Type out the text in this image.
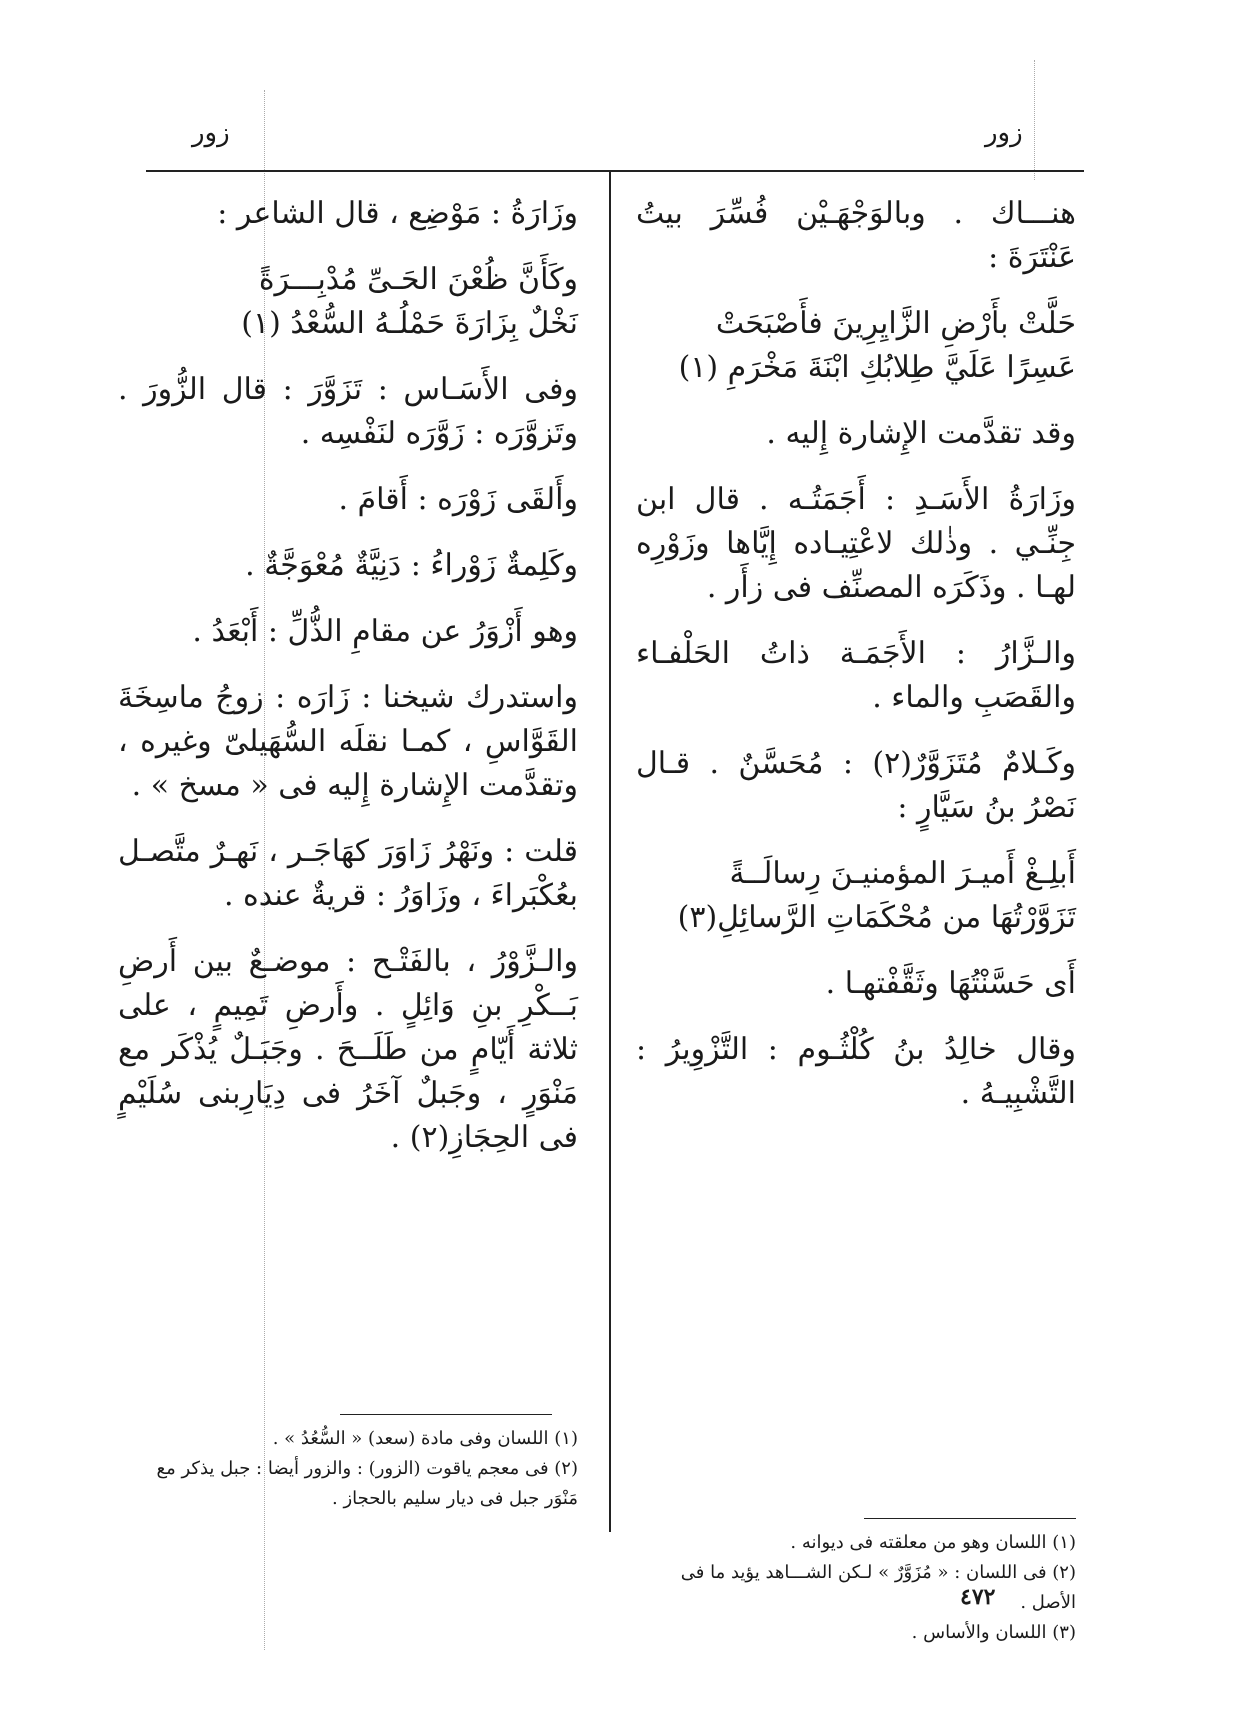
زور
زور

هنـــاك . وبالوَجْهَـيْن فُسِّرَ بيتُ عَنْتَرَةَ :

حَلَّتْ بأَرْضِ الزَّايِرِينَ فأَصْبَحَتْ

عَسِرًا عَلَيَّ طِلابُكِ ابْنَةَ مَخْرَمِ (١)

وقد تقدَّمت الإِشارة إِليه .

وزَارَةُ الأَسَـدِ : أَجَمَتُـه . قال ابن جِنِّـي . وذٰلك لاعْتِيـاده إِيَّاها وزَوْرِه لهـا . وذَكَرَه المصنِّف فى زأَر .

والـزَّارُ : الأَجَمَـة ذاتُ الحَلْفـاء والقَصَبِ والماء .

وكَـلامٌ مُتَزَوَّرٌ(٢) : مُحَسَّنٌ . قـال نَصْرُ بنُ سَيَّارٍ :

أَبلِـغْ أَميـرَ المؤمنيـنَ رِسالَــةً

تَزَوَّرْتُهَا من مُحْكَمَاتِ الرَّسائِلِ(٣)

أَى حَسَّنْتُهَا وثَقَّفْتهـا .

وقال خالِدُ بنُ كُلْثُـوم : التَّزْوِيرُ : التَّشْبِيـهُ .

وزَارَةُ : مَوْضِع ، قال الشاعر :

وكَأَنَّ ظُعْنَ الحَـىِّ مُدْبِـــرَةً

نَخْلٌ بِزَارَةَ حَمْلُـهُ السُّعْدُ (١)

وفى الأَسَـاس : تَزَوَّرَ : قال الزُّورَ . وتَزوَّرَه : زَوَّرَه لنَفْسِه .

وأَلقَى زَوْرَه : أَقامَ .

وكَلِمةٌ زَوْراءُ : دَنِيَّةٌ مُعْوَجَّةٌ .

وهو أَزْوَرُ عن مقامِ الذُّلِّ : أَبْعَدُ .

واستدرك شيخنا : زَارَه : زوجُ ماسِخَةَ القَوَّاسِ ، كمـا نقلَه السُّهَيلىّ وغيره ، وتقدَّمت الإِشارة إِليه فى « مسخ » .

قلت : ونَهْرُ زَاوَرَ كهَاجَـر ، نَهـرٌ متَّصـل بعُكْبَراءَ ، وزَاوَرُ : قريةٌ عنده .

والـزَّوْرُ ، بالفَتْـح : موضـعٌ بين أَرضِ بَــكْرِ بنِ وَائِلٍ . وأَرضِ تَمِيمٍ ، على ثلاثة أَيّامٍ من طَلَــحَ . وجَبَـلٌ يُذْكَر مع مَنْوَرٍ ، وجَبلٌ آخَرُ فى دِيَارِبنى سُلَيْمٍ فى الحِجَازِ(٢) .

(١) اللسان وهو من معلقته فى ديوانه .
(٢) فى اللسان : « مُزَوَّرٌ » لـكن الشـــاهد يؤيد ما فى الأصل .
(٣) اللسان والأساس .
(١) اللسان وفى مادة (سعد) « السُّعُدُ » .
(٢) فى معجم ياقوت (الزور) : والزور أيضا : جبل يذكر مع مَنْوَر جبل فى ديار سليم بالحجاز .
٤٧٢
